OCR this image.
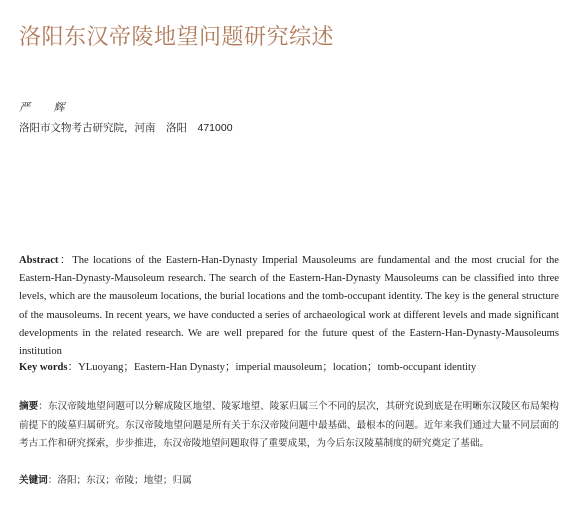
洛阳东汉帝陵地望问题研究综述
严 辉
洛阳市文物考古研究院，河南　洛阳　471000

Abstract：The locations of the Eastern-Han-Dynasty Imperial Mausoleums are fundamental and the most crucial for the Eastern-Han-Dynasty-Mausoleum research. The search of the Eastern-Han-Dynasty Mausoleums can be classified into three levels, which are the mausoleum locations, the burial locations and the tomb-occupant identity. The key is the general structure of the mausoleums. In recent years, we have conducted a series of archaeological work at different levels and made significant developments in the related research. We are well prepared for the future quest of the Eastern-Han-Dynasty-Mausoleums institution

Key words：YLuoyang；Eastern-Han Dynasty；imperial mausoleum；location；tomb-occupant identity

摘要：东汉帝陵地望问题可以分解成陵区地望、陵冢地望、陵冢归属三个不同的层次，其研究说到底是在明晰东汉陵区布局架构前提下的陵墓归属研究。东汉帝陵地望问题是所有关于东汉帝陵问题中最基础、最根本的问题。近年来我们通过大量不同层面的考古工作和研究探索，步步推进，东汉帝陵地望问题取得了重要成果，为今后东汉陵墓制度的研究奠定了基础。

关键词：洛阳；东汉；帝陵；地望；归属
